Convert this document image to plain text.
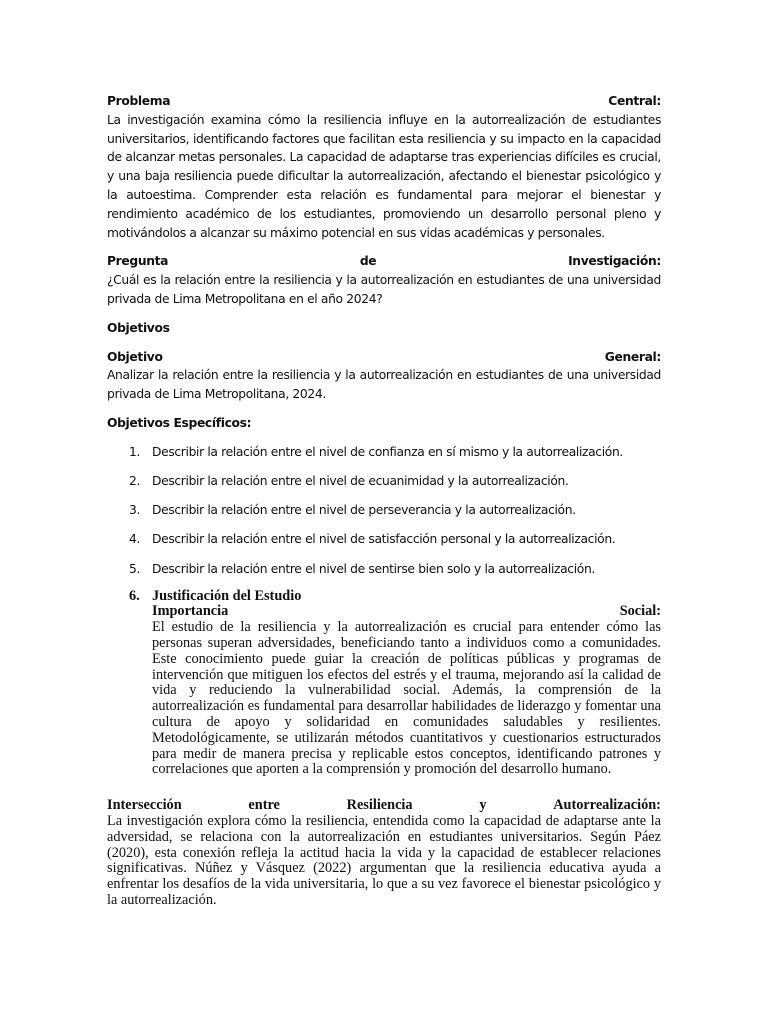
Problema	Central:

La investigación examina cómo la resiliencia influye en la autorrealización de estudiantes universitarios, identificando factores que facilitan esta resiliencia y su impacto en la capacidad de alcanzar metas personales. La capacidad de adaptarse tras experiencias difíciles es crucial, y una baja resiliencia puede dificultar la autorrealización, afectando el bienestar psicológico y la autoestima. Comprender esta relación es fundamental para mejorar el bienestar y rendimiento académico de los estudiantes, promoviendo un desarrollo personal pleno y motivándolos a alcanzar su máximo potencial en sus vidas académicas y personales.

Pregunta	de	Investigación:

¿Cuál es la relación entre la resiliencia y la autorrealización en estudiantes de una universidad privada de Lima Metropolitana en el año 2024?

Objetivos

Objetivo	General:

Analizar la relación entre la resiliencia y la autorrealización en estudiantes de una universidad privada de Lima Metropolitana, 2024.

Objetivos Específicos:

1. Describir la relación entre el nivel de confianza en sí mismo y la autorrealización.
2. Describir la relación entre el nivel de ecuanimidad y la autorrealización.
3. Describir la relación entre el nivel de perseverancia y la autorrealización.
4. Describir la relación entre el nivel de satisfacción personal y la autorrealización.
5. Describir la relación entre el nivel de sentirse bien solo y la autorrealización.
6. Justificación del Estudio

Importancia	Social:

El estudio de la resiliencia y la autorrealización es crucial para entender cómo las personas superan adversidades, beneficiando tanto a individuos como a comunidades. Este conocimiento puede guiar la creación de políticas públicas y programas de intervención que mitiguen los efectos del estrés y el trauma, mejorando así la calidad de vida y reduciendo la vulnerabilidad social. Además, la comprensión de la autorrealización es fundamental para desarrollar habilidades de liderazgo y fomentar una cultura de apoyo y solidaridad en comunidades saludables y resilientes. Metodológicamente, se utilizarán métodos cuantitativos y cuestionarios estructurados para medir de manera precisa y replicable estos conceptos, identificando patrones y correlaciones que aporten a la comprensión y promoción del desarrollo humano.

Intersección	entre	Resiliencia	y	Autorrealización:

La investigación explora cómo la resiliencia, entendida como la capacidad de adaptarse ante la adversidad, se relaciona con la autorrealización en estudiantes universitarios. Según Páez (2020), esta conexión refleja la actitud hacia la vida y la capacidad de establecer relaciones significativas. Núñez y Vásquez (2022) argumentan que la resiliencia educativa ayuda a enfrentar los desafíos de la vida universitaria, lo que a su vez favorece el bienestar psicológico y la autorrealización.
